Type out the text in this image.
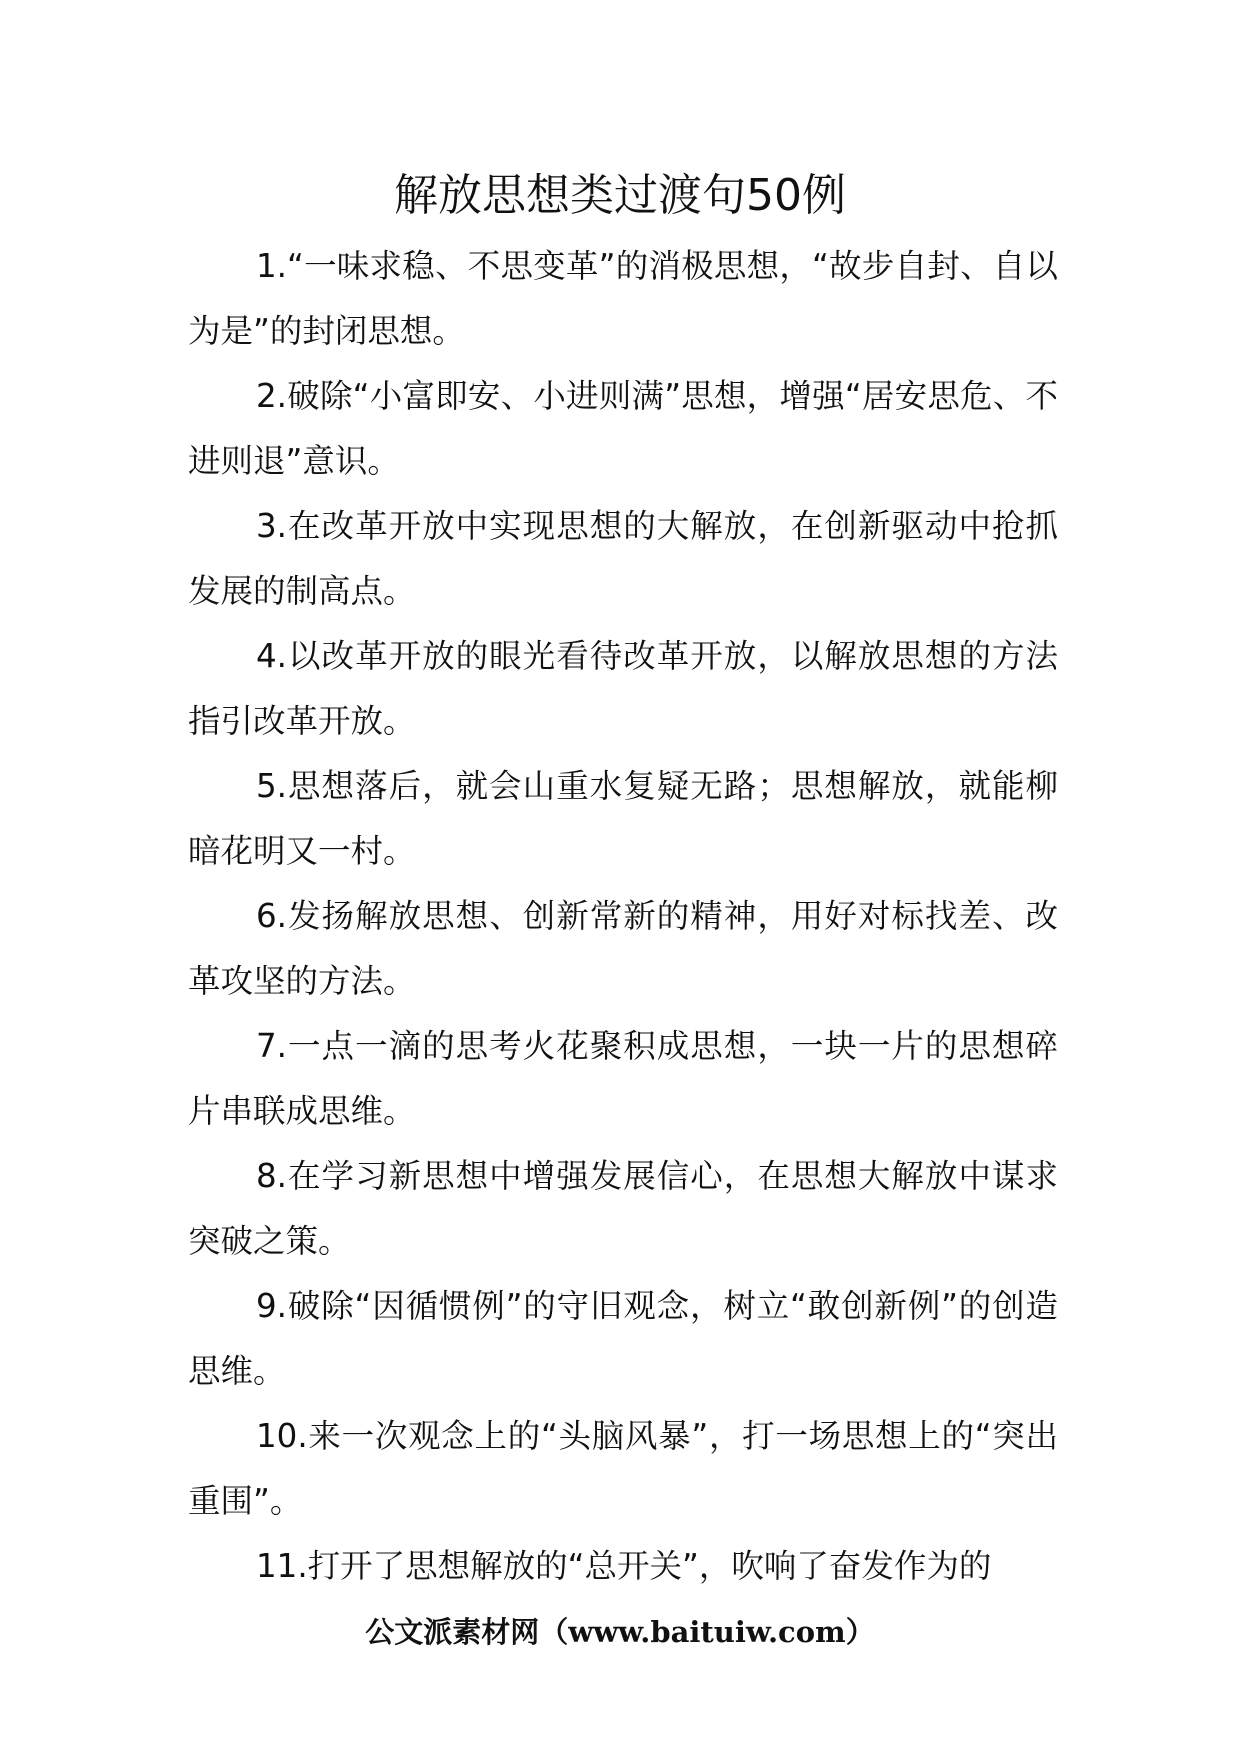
解放思想类过渡句50例

1.“一味求稳、不思变革”的消极思想，“故步自封、自以为是”的封闭思想。

2.破除“小富即安、小进则满”思想，增强“居安思危、不进则退”意识。

3.在改革开放中实现思想的大解放，在创新驱动中抢抓发展的制高点。

4.以改革开放的眼光看待改革开放，以解放思想的方法指引改革开放。

5.思想落后，就会山重水复疑无路；思想解放，就能柳暗花明又一村。

6.发扬解放思想、创新常新的精神，用好对标找差、改革攻坚的方法。

7.一点一滴的思考火花聚积成思想，一块一片的思想碎片串联成思维。

8.在学习新思想中增强发展信心，在思想大解放中谋求突破之策。

9.破除“因循惯例”的守旧观念，树立“敢创新例”的创造思维。

10.来一次观念上的“头脑风暴”，打一场思想上的“突出重围”。

11.打开了思想解放的“总开关”，吹响了奋发作为的

公文派素材网（www.baituiw.com）
